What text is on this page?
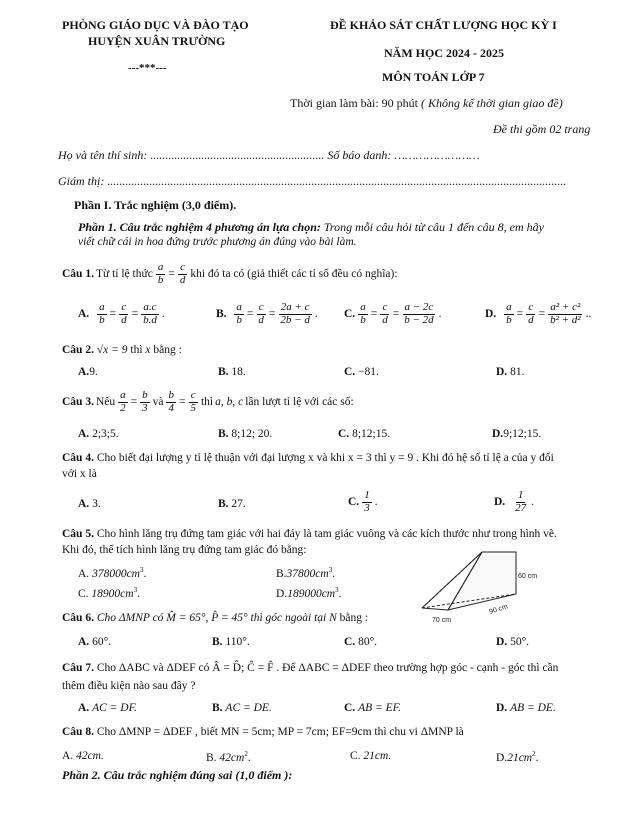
PHÒNG GIÁO DỤC VÀ ĐÀO TẠO
HUYỆN XUÂN TRƯỜNG
---***---
ĐỀ KHẢO SÁT CHẤT LƯỢNG HỌC KỲ I
NĂM HỌC 2024 - 2025
MÔN TOÁN LỚP 7
Thời gian làm bài: 90 phút ( Không kể thời gian giao đề)
Đề thi gồm 02 trang
Họ và tên thí sinh: .......................................................... Số báo danh: ……………………
Giám thị: .........................................................................................................................................................
Phần I. Trắc nghiệm (3,0 điểm).
Phần 1. Câu trắc nghiệm 4 phương án lựa chọn: Trong mỗi câu hỏi từ câu 1 đến câu 8, em hãy
viết chữ cái in hoa đứng trước phương án đúng vào bài làm.
Câu 1. Từ tỉ lệ thức $\frac{a}{b} = \frac{c}{d}$ khi đó ta có (giả thiết các tỉ số đều có nghĩa):
A.
$\frac{a}{b} = \frac{c}{d} = \frac{a.c}{b.d}$ .	B.
$\frac{a}{b} = \frac{c}{d} = \frac{2a + c}{2b - d}$ . C. $\frac{a}{b} = \frac{c}{d} = \frac{a - 2c}{b - 2d}$ .	D.
$\frac{a}{b} = \frac{c}{d} = \frac{\text{a² + c²}}{\text{b² + d²}}$ ..
Câu 2. √x = 9 thì x bằng :
A.9.	B. 18.	C. −81.	D. 81.
Câu 3. Nếu $\frac{a}{2} = \frac{b}{3}$ và $\frac{b}{4} = \frac{c}{5}$ thì a, b, c lần lượt tỉ lệ với các số:
A. 2;3;5.	B. 8;12; 20.	C. 8;12;15.	D.9;12;15.
Câu 4. Cho biết đại lượng y tỉ lệ thuận với đại lượng x và khi x = 3 thì y = 9 . Khi đó hệ số tỉ lệ a của y đối
với x là
A. 3.	B. 27.	C. $\frac{1}{3}$ .	D.
$\frac{1}{27}$ .
Câu 5. Cho hình lăng trụ đứng tam giác với hai đáy là tam giác vuông và các kích thước như trong hình vẽ.
Khi đó, thể tích hình lăng trụ đứng tam giác đó bằng:
A. $378000cm^3$.	$B.37800cm^3$.
C. $18900cm^3$.	$D.189000cm^3$.
60 cm
70 cm
90 cm
Câu 6. Cho ΔMNP có M̂ = 65°, P̂ = 45° thì góc ngoài tại N bằng :
A. 60°.	B. 110°.	C. 80°.	D. 50°.
Câu 7. Cho ΔABC và ΔDEF có Â = D̂; Ĉ = F̂ . Để ΔABC = ΔDEF theo trường hợp góc - cạnh - góc thì cần
thêm điều kiện nào sau đây ?
A. AC = DF.	B. AC = DE.	C. AB = EF.	D. AB = DE.
Câu 8. Cho ΔMNP = ΔDEF , biết MN = 5cm; MP = 7cm; EF=9cm thì chu vi ΔMNP là
A. 42cm.	B. $42cm^2$.	C. 21cm.	$D.21cm^2$.
Phần 2. Câu trắc nghiệm đúng sai (1,0 điểm ):
